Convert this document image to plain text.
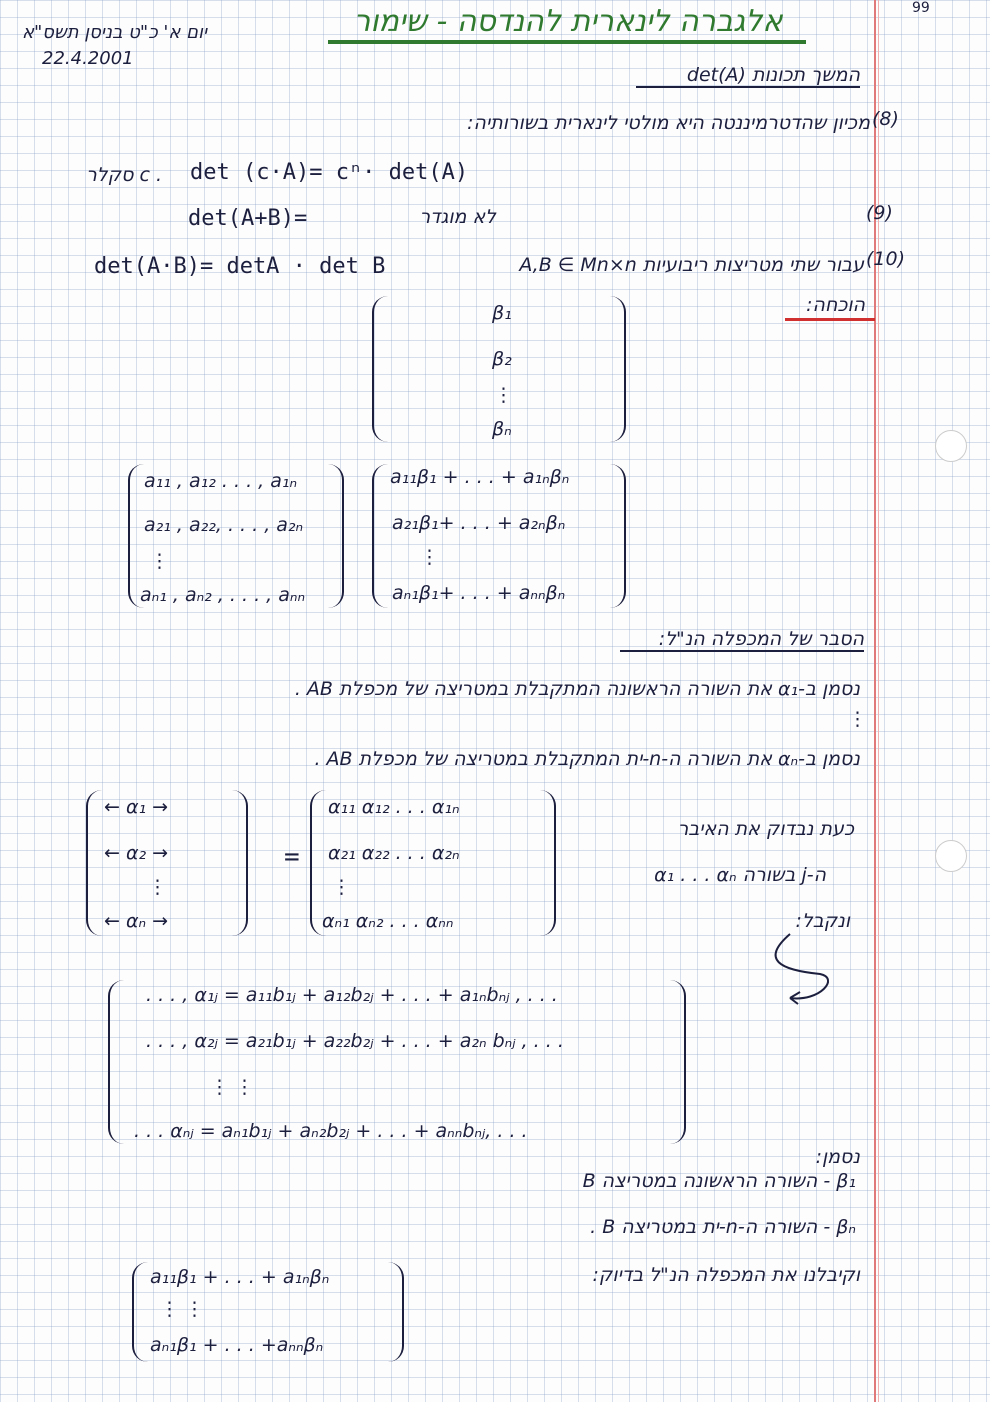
יום א' כ"ט בניסן תשס"א
22.4.2001
99
אלגברה לינארית להנדסה - שימור
המשך תכונות det(A)
(8)
מכיון שהדטרמיננטה היא מולטי לינארית בשורותיה:
det (c·A)= cⁿ· det(A)
. c סקלר
(9)
det(A+B)=	לא מוגדר
(10)
עבור שתי מטריצות ריבועיות A,B ∈ Mn×n
det(A·B)= detA · det B
הוכחה:
β₁
β₂
⋮
βₙ
a₁₁ , a₁₂ . . . , a₁ₙ
a₂₁ , a₂₂, . . . , a₂ₙ
⋮
aₙ₁ , aₙ₂ , . . . , aₙₙ
a₁₁β₁ + . . . + a₁ₙβₙ
a₂₁β₁+ . . . + a₂ₙβₙ
⋮
aₙ₁β₁+ . . . + aₙₙβₙ
הסבר של המכפלה הנ"ל:
נסמן ב-α₁ את השורה הראשונה המתקבלת במטריצה של מכפלת AB .
⋮
נסמן ב-αₙ את השורה ה-n-ית המתקבלת במטריצה של מכפלת AB .
← α₁ →
← α₂ →
⋮
← αₙ →
=
α₁₁ α₁₂ . . . α₁ₙ
α₂₁ α₂₂ . . . α₂ₙ
⋮
αₙ₁ αₙ₂ . . . αₙₙ
כעת נבדוק את האיבר
ה-j בשורה α₁ . . . αₙ
ונקבל:
. . . , α₁ⱼ = a₁₁b₁ⱼ + a₁₂b₂ⱼ + . . . + a₁ₙbₙⱼ , . . .
. . . , α₂ⱼ = a₂₁b₁ⱼ + a₂₂b₂ⱼ + . . . + a₂ₙ bₙⱼ , . . .
⋮ ⋮
. . . αₙⱼ = aₙ₁b₁ⱼ + aₙ₂b₂ⱼ + . . . + aₙₙbₙⱼ, . . .
נסמן:
β₁ - השורה הראשונה במטריצה B
βₙ - השורה ה-n-ית במטריצה B .
וקיבלנו את המכפלה הנ"ל בדיוק:
a₁₁β₁ + . . . + a₁ₙβₙ
⋮ ⋮
aₙ₁β₁ + . . . +aₙₙβₙ
